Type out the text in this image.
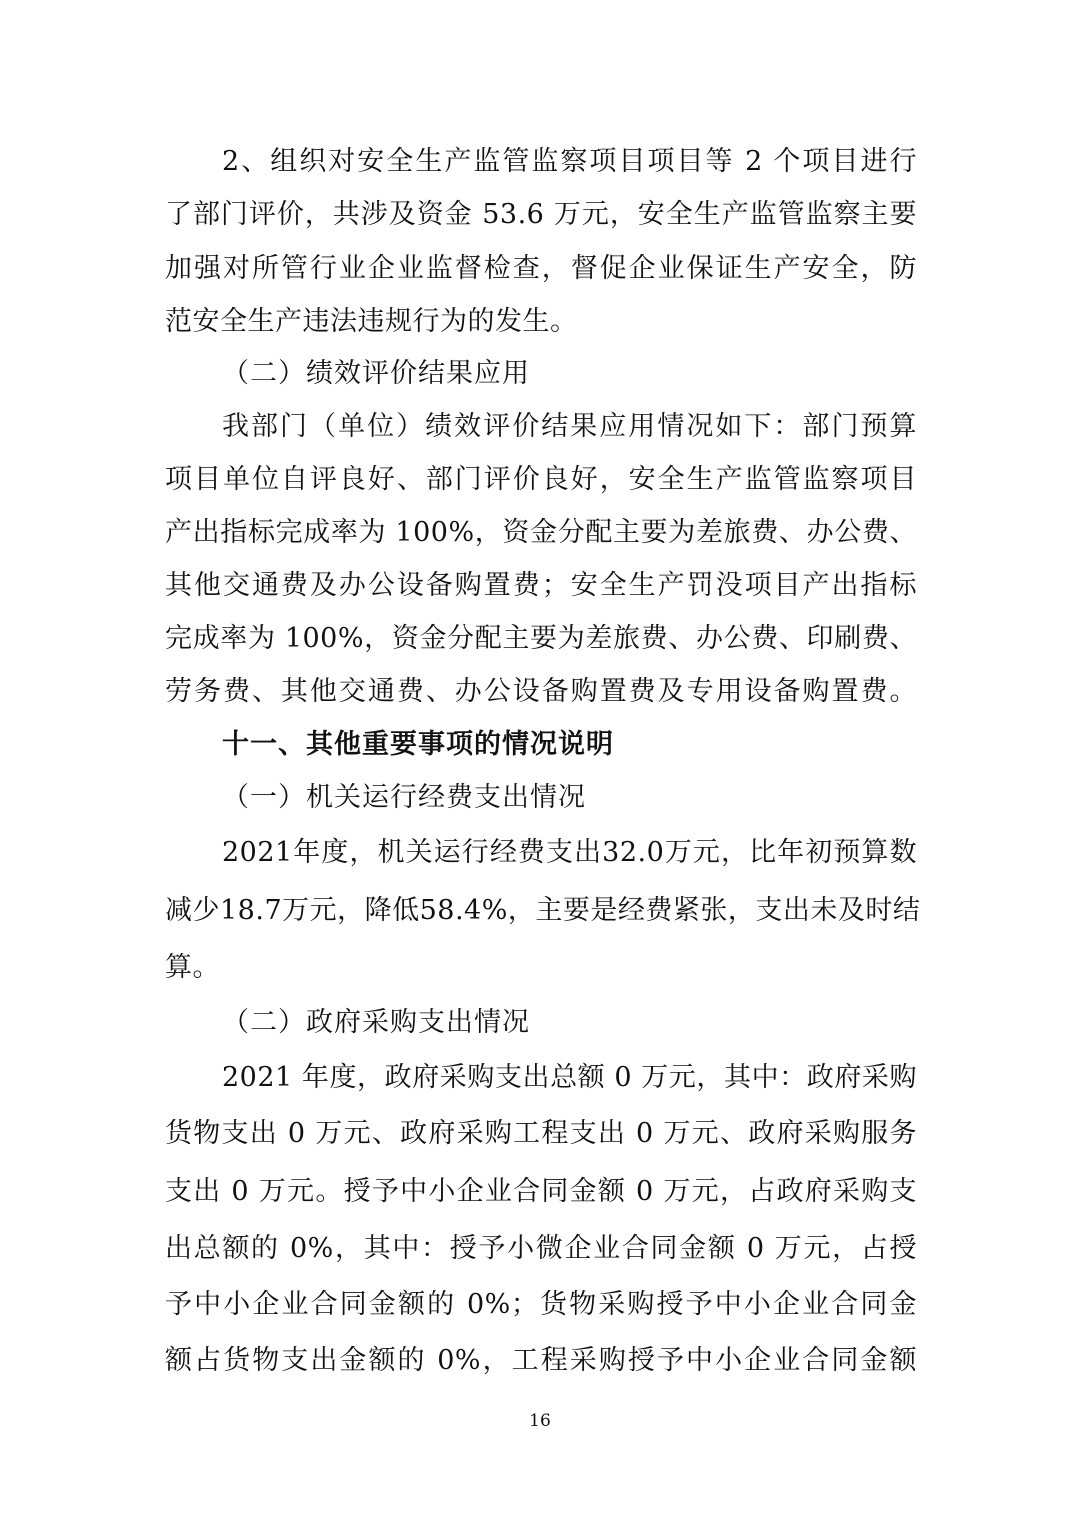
2、组织对安全生产监管监察项目项目等 2 个项目进行
了部门评价，共涉及资金 53.6 万元，安全生产监管监察主要
加强对所管行业企业监督检查，督促企业保证生产安全，防
范安全生产违法违规行为的发生。
（二）绩效评价结果应用
我部门（单位）绩效评价结果应用情况如下：部门预算
项目单位自评良好、部门评价良好，安全生产监管监察项目
产出指标完成率为 100%，资金分配主要为差旅费、办公费、
其他交通费及办公设备购置费；安全生产罚没项目产出指标
完成率为 100%，资金分配主要为差旅费、办公费、印刷费、
劳务费、其他交通费、办公设备购置费及专用设备购置费。
十一、其他重要事项的情况说明
（一）机关运行经费支出情况
2021年度，机关运行经费支出32.0万元，比年初预算数
减少18.7万元，降低58.4%，主要是经费紧张，支出未及时结
算。
（二）政府采购支出情况
2021 年度，政府采购支出总额 0 万元，其中：政府采购
货物支出 0 万元、政府采购工程支出 0 万元、政府采购服务
支出 0 万元。授予中小企业合同金额 0 万元，占政府采购支
出总额的 0%，其中：授予小微企业合同金额 0 万元，占授
予中小企业合同金额的 0%；货物采购授予中小企业合同金
额占货物支出金额的 0%，工程采购授予中小企业合同金额
16
